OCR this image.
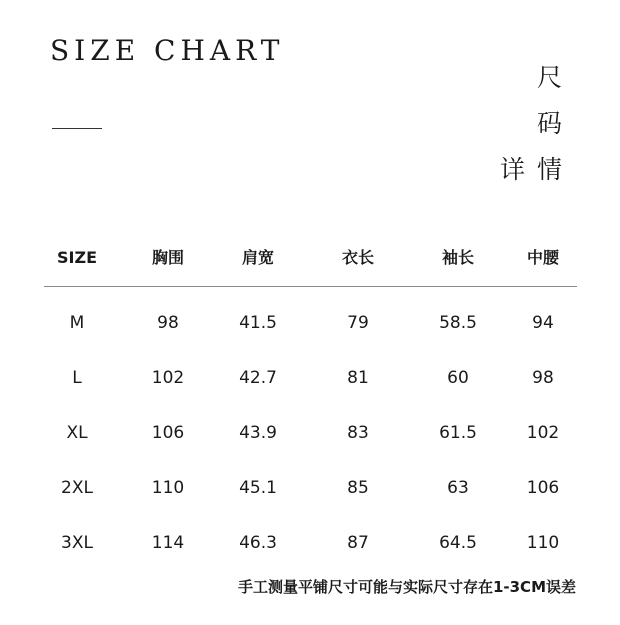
SIZE CHART
尺
码
详情
SIZE	胸围	肩宽	衣长	袖长	中腰
M	98	41.5	79	58.5	94
L	102	42.7	81	60	98
XL	106	43.9	83	61.5	102
2XL	110	45.1	85	63	106
3XL	114	46.3	87	64.5	110
手工测量平铺尺寸可能与实际尺寸存在1-3CM误差
